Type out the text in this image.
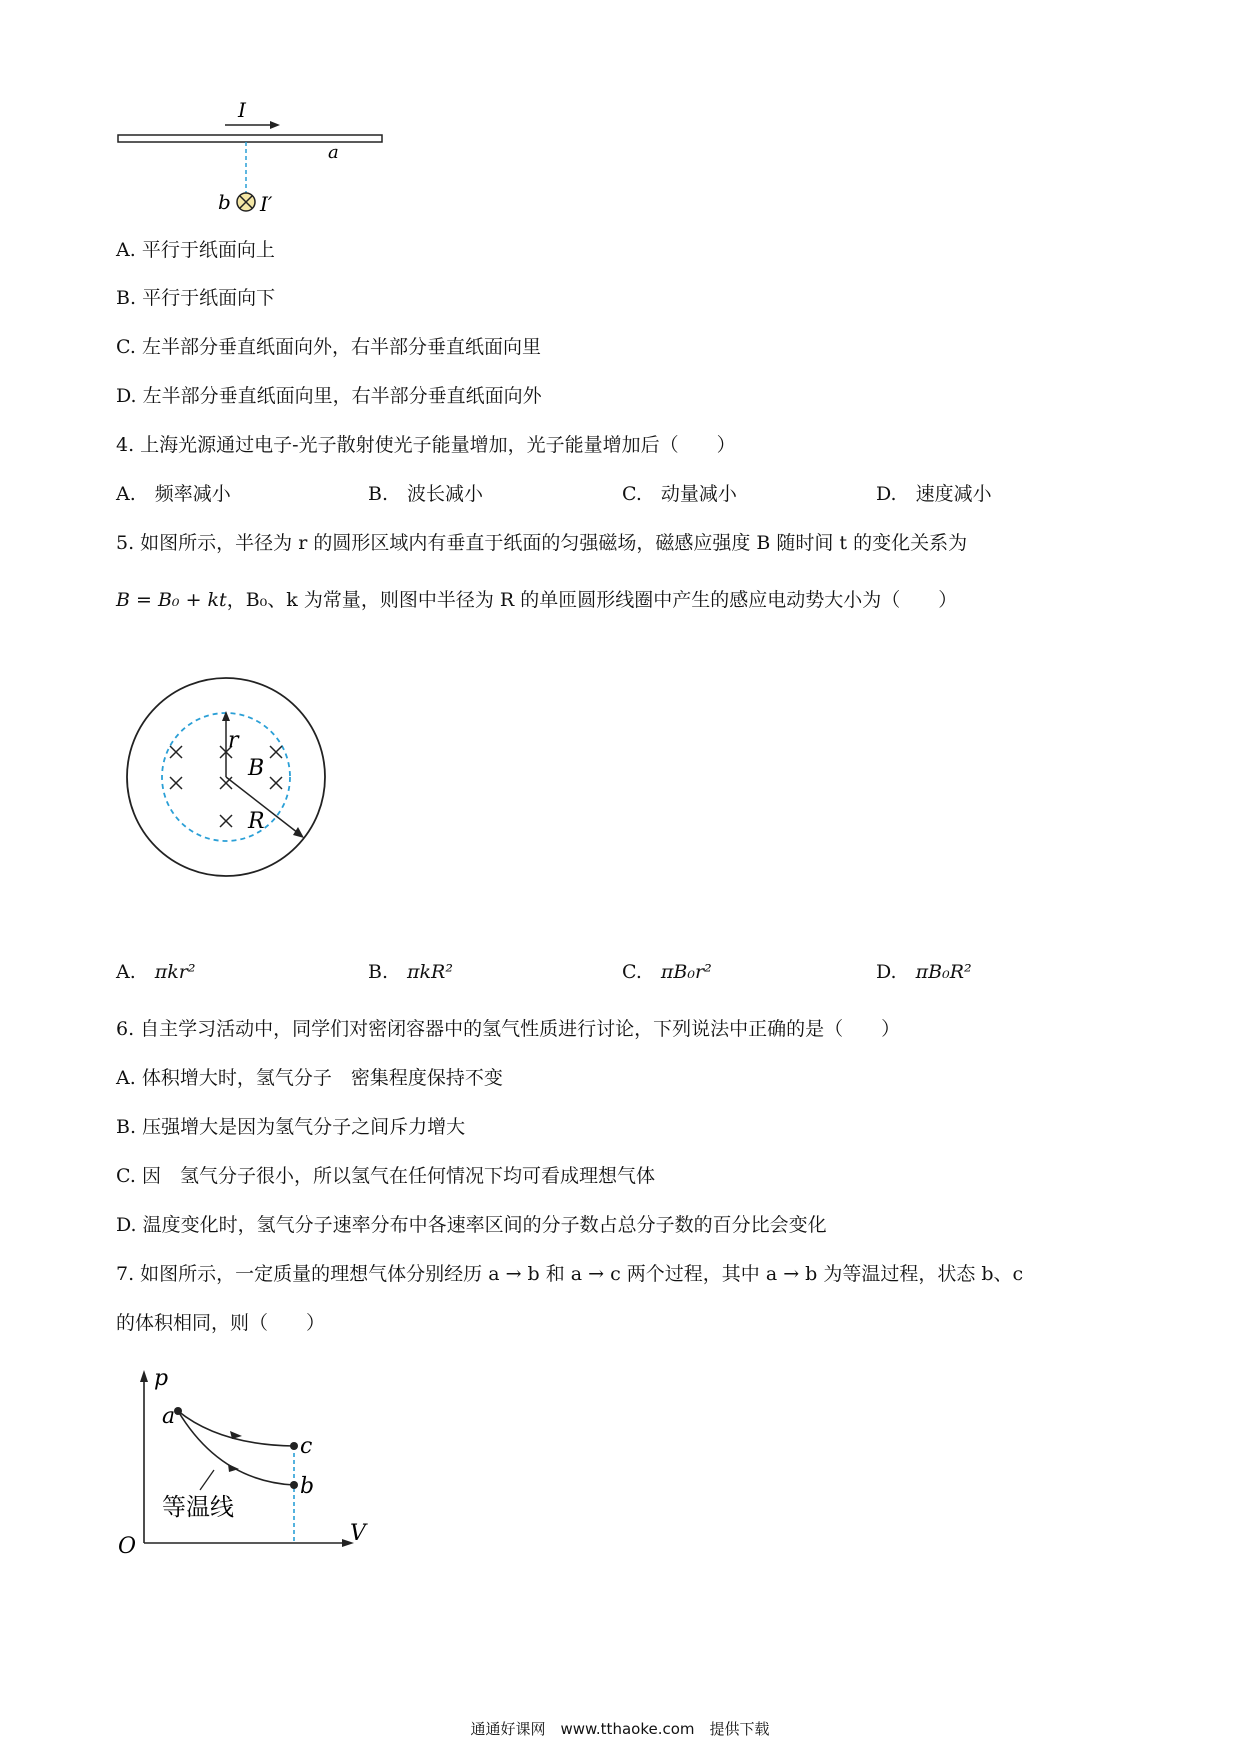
I
a
b I′
A. 平行于纸面向上
B. 平行于纸面向下
C. 左半部分垂直纸面向外，右半部分垂直纸面向里
D. 左半部分垂直纸面向里，右半部分垂直纸面向外
4. 上海光源通过电子-光子散射使光子能量增加，光子能量增加后（　　）
A.　 频率减小	B.　 波长减小	C.　 动量减小	D.　 速度减小
5. 如图所示，半径为 r 的圆形区域内有垂直于纸面的匀强磁场，磁感应强度 B 随时间 t 的变化关系为
B = B₀ + kt，B₀、k 为常量，则图中半径为 R 的单匝圆形线圈中产生的感应电动势大小为（　　）
r
B
R
A.　 πkr²	B.　 πkR²	C.　 πB₀r²	D.　 πB₀R²
6. 自主学习活动中，同学们对密闭容器中的氢气性质进行讨论，下列说法中正确的是（　　）
A. 体积增大时，氢气分子　密集程度保持不变
B. 压强增大是因为氢气分子之间斥力增大
C. 因　氢气分子很小，所以氢气在任何情况下均可看成理想气体
D. 温度变化时，氢气分子速率分布中各速率区间的分子数占总分子数的百分比会变化
7. 如图所示，一定质量的理想气体分别经历 a → b 和 a → c 两个过程，其中 a → b 为等温过程，状态 b、c
的体积相同，则（　　）
p
V
O
a
c
b
等温线
通通好课网　www.tthaoke.com　提供下载
